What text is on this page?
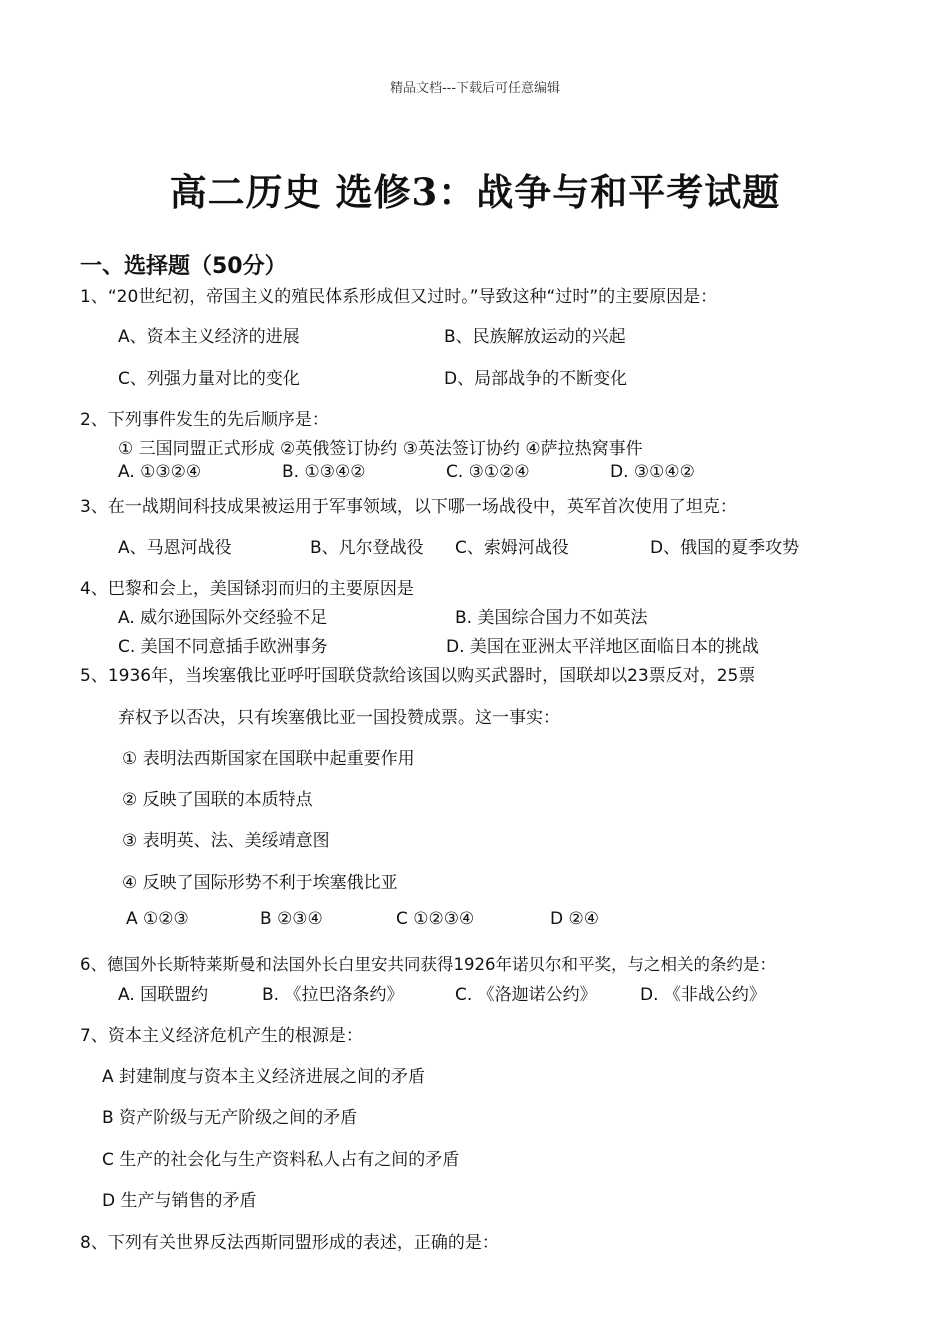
精品文档---下载后可任意编辑
高二历史 选修3：战争与和平考试题
一、选择题（50分）
1、“20世纪初，帝国主义的殖民体系形成但又过时。”导致这种“过时”的主要原因是：
A、资本主义经济的进展	B、民族解放运动的兴起
C、列强力量对比的变化	D、局部战争的不断变化
2、下列事件发生的先后顺序是：
① 三国同盟正式形成 ②英俄签订协约 ③英法签订协约 ④萨拉热窝事件
A. ①③②④	B. ①③④②	C. ③①②④	D. ③①④②
3、在一战期间科技成果被运用于军事领域，以下哪一场战役中，英军首次使用了坦克：
A、马恩河战役	B、凡尔登战役 C、索姆河战役	D、俄国的夏季攻势
4、巴黎和会上，美国铩羽而归的主要原因是
A. 威尔逊国际外交经验不足	B. 美国综合国力不如英法
C. 美国不同意插手欧洲事务	D. 美国在亚洲太平洋地区面临日本的挑战
5、1936年，当埃塞俄比亚呼吁国联贷款给该国以购买武器时，国联却以23票反对，25票
弃权予以否决，只有埃塞俄比亚一国投赞成票。这一事实：
① 表明法西斯国家在国联中起重要作用
② 反映了国联的本质特点
③ 表明英、法、美绥靖意图
④ 反映了国际形势不利于埃塞俄比亚
A ①②③	B ②③④	C ①②③④	D ②④
6、德国外长斯特莱斯曼和法国外长白里安共同获得1926年诺贝尔和平奖，与之相关的条约是：
A. 国联盟约	B. 《拉巴洛条约》	C. 《洛迦诺公约》	D. 《非战公约》
7、资本主义经济危机产生的根源是：
A 封建制度与资本主义经济进展之间的矛盾
B 资产阶级与无产阶级之间的矛盾
C 生产的社会化与生产资料私人占有之间的矛盾
D 生产与销售的矛盾
8、下列有关世界反法西斯同盟形成的表述，正确的是：
